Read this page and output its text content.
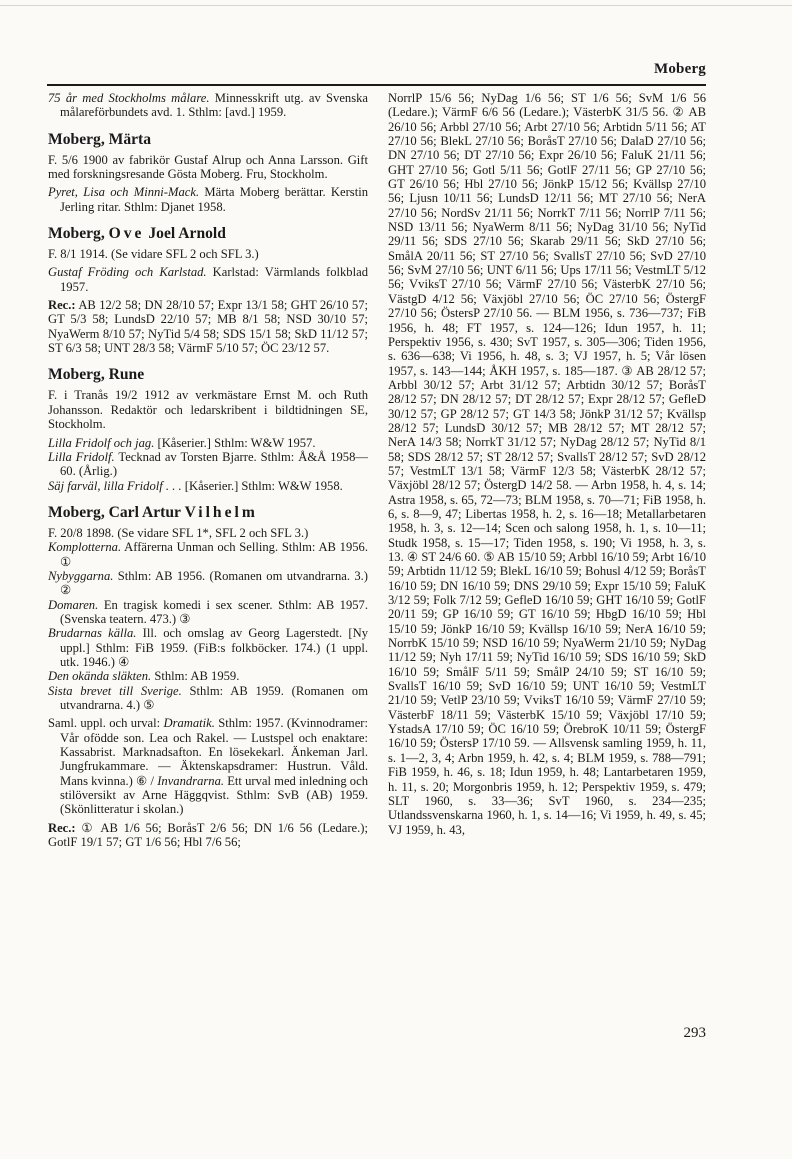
Moberg

75 år med Stockholms målare. Minnesskrift utg. av Svenska målareförbundets avd. 1. Sthlm: [avd.] 1959.

Moberg, Märta

F. 5/6 1900 av fabrikör Gustaf Alrup och Anna Larsson. Gift med forskningsresande Gösta Moberg. Fru, Stockholm.

Pyret, Lisa och Minni-Mack. Märta Moberg berättar. Kerstin Jerling ritar. Sthlm: Djanet 1958.

Moberg, Ove Joel Arnold

F. 8/1 1914. (Se vidare SFL 2 och SFL 3.)

Gustaf Fröding och Karlstad. Karlstad: Värmlands folkblad 1957.

Rec.: AB 12/2 58; DN 28/10 57; Expr 13/1 58; GHT 26/10 57; GT 5/3 58; LundsD 22/10 57; MB 8/1 58; NSD 30/10 57; NyaWerm 8/10 57; NyTid 5/4 58; SDS 15/1 58; SkD 11/12 57; ST 6/3 58; UNT 28/3 58; VärmF 5/10 57; ÖC 23/12 57.

Moberg, Rune

F. i Tranås 19/2 1912 av verkmästare Ernst M. och Ruth Johansson. Redaktör och ledarskribent i bildtidningen SE, Stockholm.

Lilla Fridolf och jag. [Kåserier.] Sthlm: W&W 1957.

Lilla Fridolf. Tecknad av Torsten Bjarre. Sthlm: Å&Å 1958—60. (Årlig.)

Säj farväl, lilla Fridolf . . . [Kåserier.] Sthlm: W&W 1958.

Moberg, Carl Artur Vilhelm

F. 20/8 1898. (Se vidare SFL 1*, SFL 2 och SFL 3.)

Komplotterna. Affärerna Unman och Selling. Sthlm: AB 1956. ①

Nybyggarna. Sthlm: AB 1956. (Romanen om utvandrarna. 3.) ②

Domaren. En tragisk komedi i sex scener. Sthlm: AB 1957. (Svenska teatern. 473.) ③

Brudarnas källa. Ill. och omslag av Georg Lagerstedt. [Ny uppl.] Sthlm: FiB 1959. (FiB:s folkböcker. 174.) (1 uppl. utk. 1946.) ④

Den okända släkten. Sthlm: AB 1959.

Sista brevet till Sverige. Sthlm: AB 1959. (Romanen om utvandrarna. 4.) ⑤

Saml. uppl. och urval: Dramatik. Sthlm: 1957. (Kvinnodramer: Vår ofödde son. Lea och Rakel. — Lustspel och enaktare: Kassabrist. Marknadsafton. En lösekekarl. Änkeman Jarl. Jungfrukammare. — Äktenskapsdramer: Hustrun. Våld. Mans kvinna.) ⑥ / Invandrarna. Ett urval med inledning och stilöversikt av Arne Häggqvist. Sthlm: SvB (AB) 1959. (Skönlitteratur i skolan.)

Rec.: ① AB 1/6 56; BoråsT 2/6 56; DN 1/6 56 (Ledare.); GotlF 19/1 57; GT 1/6 56; Hbl 7/6 56;

NorrlP 15/6 56; NyDag 1/6 56; ST 1/6 56; SvM 1/6 56 (Ledare.); VärmF 6/6 56 (Ledare.); VästerbK 31/5 56. ② AB 26/10 56; Arbbl 27/10 56; Arbt 27/10 56; Arbtidn 5/11 56; AT 27/10 56; BlekL 27/10 56; BoråsT 27/10 56; DalaD 27/10 56; DN 27/10 56; DT 27/10 56; Expr 26/10 56; FaluK 21/11 56; GHT 27/10 56; Gotl 5/11 56; GotlF 27/11 56; GP 27/10 56; GT 26/10 56; Hbl 27/10 56; JönkP 15/12 56; Kvällsp 27/10 56; Ljusn 10/11 56; LundsD 12/11 56; MT 27/10 56; NerA 27/10 56; NordSv 21/11 56; NorrkT 7/11 56; NorrlP 7/11 56; NSD 13/11 56; NyaWerm 8/11 56; NyDag 31/10 56; NyTid 29/11 56; SDS 27/10 56; Skarab 29/11 56; SkD 27/10 56; SmålA 20/11 56; ST 27/10 56; SvallsT 27/10 56; SvD 27/10 56; SvM 27/10 56; UNT 6/11 56; Ups 17/11 56; VestmLT 5/12 56; VviksT 27/10 56; VärmF 27/10 56; VästerbK 27/10 56; VästgD 4/12 56; Växjöbl 27/10 56; ÖC 27/10 56; ÖstergF 27/10 56; ÖstersP 27/10 56. — BLM 1956, s. 736—737; FiB 1956, h. 48; FT 1957, s. 124—126; Idun 1957, h. 11; Perspektiv 1956, s. 430; SvT 1957, s. 305—306; Tiden 1956, s. 636—638; Vi 1956, h. 48, s. 3; VJ 1957, h. 5; Vår lösen 1957, s. 143—144; ÅKH 1957, s. 185—187. ③ AB 28/12 57; Arbbl 30/12 57; Arbt 31/12 57; Arbtidn 30/12 57; BoråsT 28/12 57; DN 28/12 57; DT 28/12 57; Expr 28/12 57; GefleD 30/12 57; GP 28/12 57; GT 14/3 58; JönkP 31/12 57; Kvällsp 28/12 57; LundsD 30/12 57; MB 28/12 57; MT 28/12 57; NerA 14/3 58; NorrkT 31/12 57; NyDag 28/12 57; NyTid 8/1 58; SDS 28/12 57; ST 28/12 57; SvallsT 28/12 57; SvD 28/12 57; VestmLT 13/1 58; VärmF 12/3 58; VästerbK 28/12 57; Växjöbl 28/12 57; ÖstergD 14/2 58. — Arbn 1958, h. 4, s. 14; Astra 1958, s. 65, 72—73; BLM 1958, s. 70—71; FiB 1958, h. 6, s. 8—9, 47; Libertas 1958, h. 2, s. 16—18; Metallarbetaren 1958, h. 3, s. 12—14; Scen och salong 1958, h. 1, s. 10—11; Studk 1958, s. 15—17; Tiden 1958, s. 190; Vi 1958, h. 3, s. 13. ④ ST 24/6 60. ⑤ AB 15/10 59; Arbbl 16/10 59; Arbt 16/10 59; Arbtidn 11/12 59; BlekL 16/10 59; Bohusl 4/12 59; BoråsT 16/10 59; DN 16/10 59; DNS 29/10 59; Expr 15/10 59; FaluK 3/12 59; Folk 7/12 59; GefleD 16/10 59; GHT 16/10 59; GotlF 20/11 59; GP 16/10 59; GT 16/10 59; HbgD 16/10 59; Hbl 15/10 59; JönkP 16/10 59; Kvällsp 16/10 59; NerA 16/10 59; NorrbK 15/10 59; NSD 16/10 59; NyaWerm 21/10 59; NyDag 11/12 59; Nyh 17/11 59; NyTid 16/10 59; SDS 16/10 59; SkD 16/10 59; SmålF 5/11 59; SmålP 24/10 59; ST 16/10 59; SvallsT 16/10 59; SvD 16/10 59; UNT 16/10 59; VestmLT 21/10 59; VetlP 23/10 59; VviksT 16/10 59; VärmF 27/10 59; VästerbF 18/11 59; VästerbK 15/10 59; Växjöbl 17/10 59; YstadsA 17/10 59; ÖC 16/10 59; ÖrebroK 10/11 59; ÖstergF 16/10 59; ÖstersP 17/10 59. — Allsvensk samling 1959, h. 11, s. 1—2, 3, 4; Arbn 1959, h. 42, s. 4; BLM 1959, s. 788—791; FiB 1959, h. 46, s. 18; Idun 1959, h. 48; Lantarbetaren 1959, h. 11, s. 20; Morgonbris 1959, h. 12; Perspektiv 1959, s. 479; SLT 1960, s. 33—36; SvT 1960, s. 234—235; Utlandssvenskarna 1960, h. 1, s. 14—16; Vi 1959, h. 49, s. 45; VJ 1959, h. 43,

293
